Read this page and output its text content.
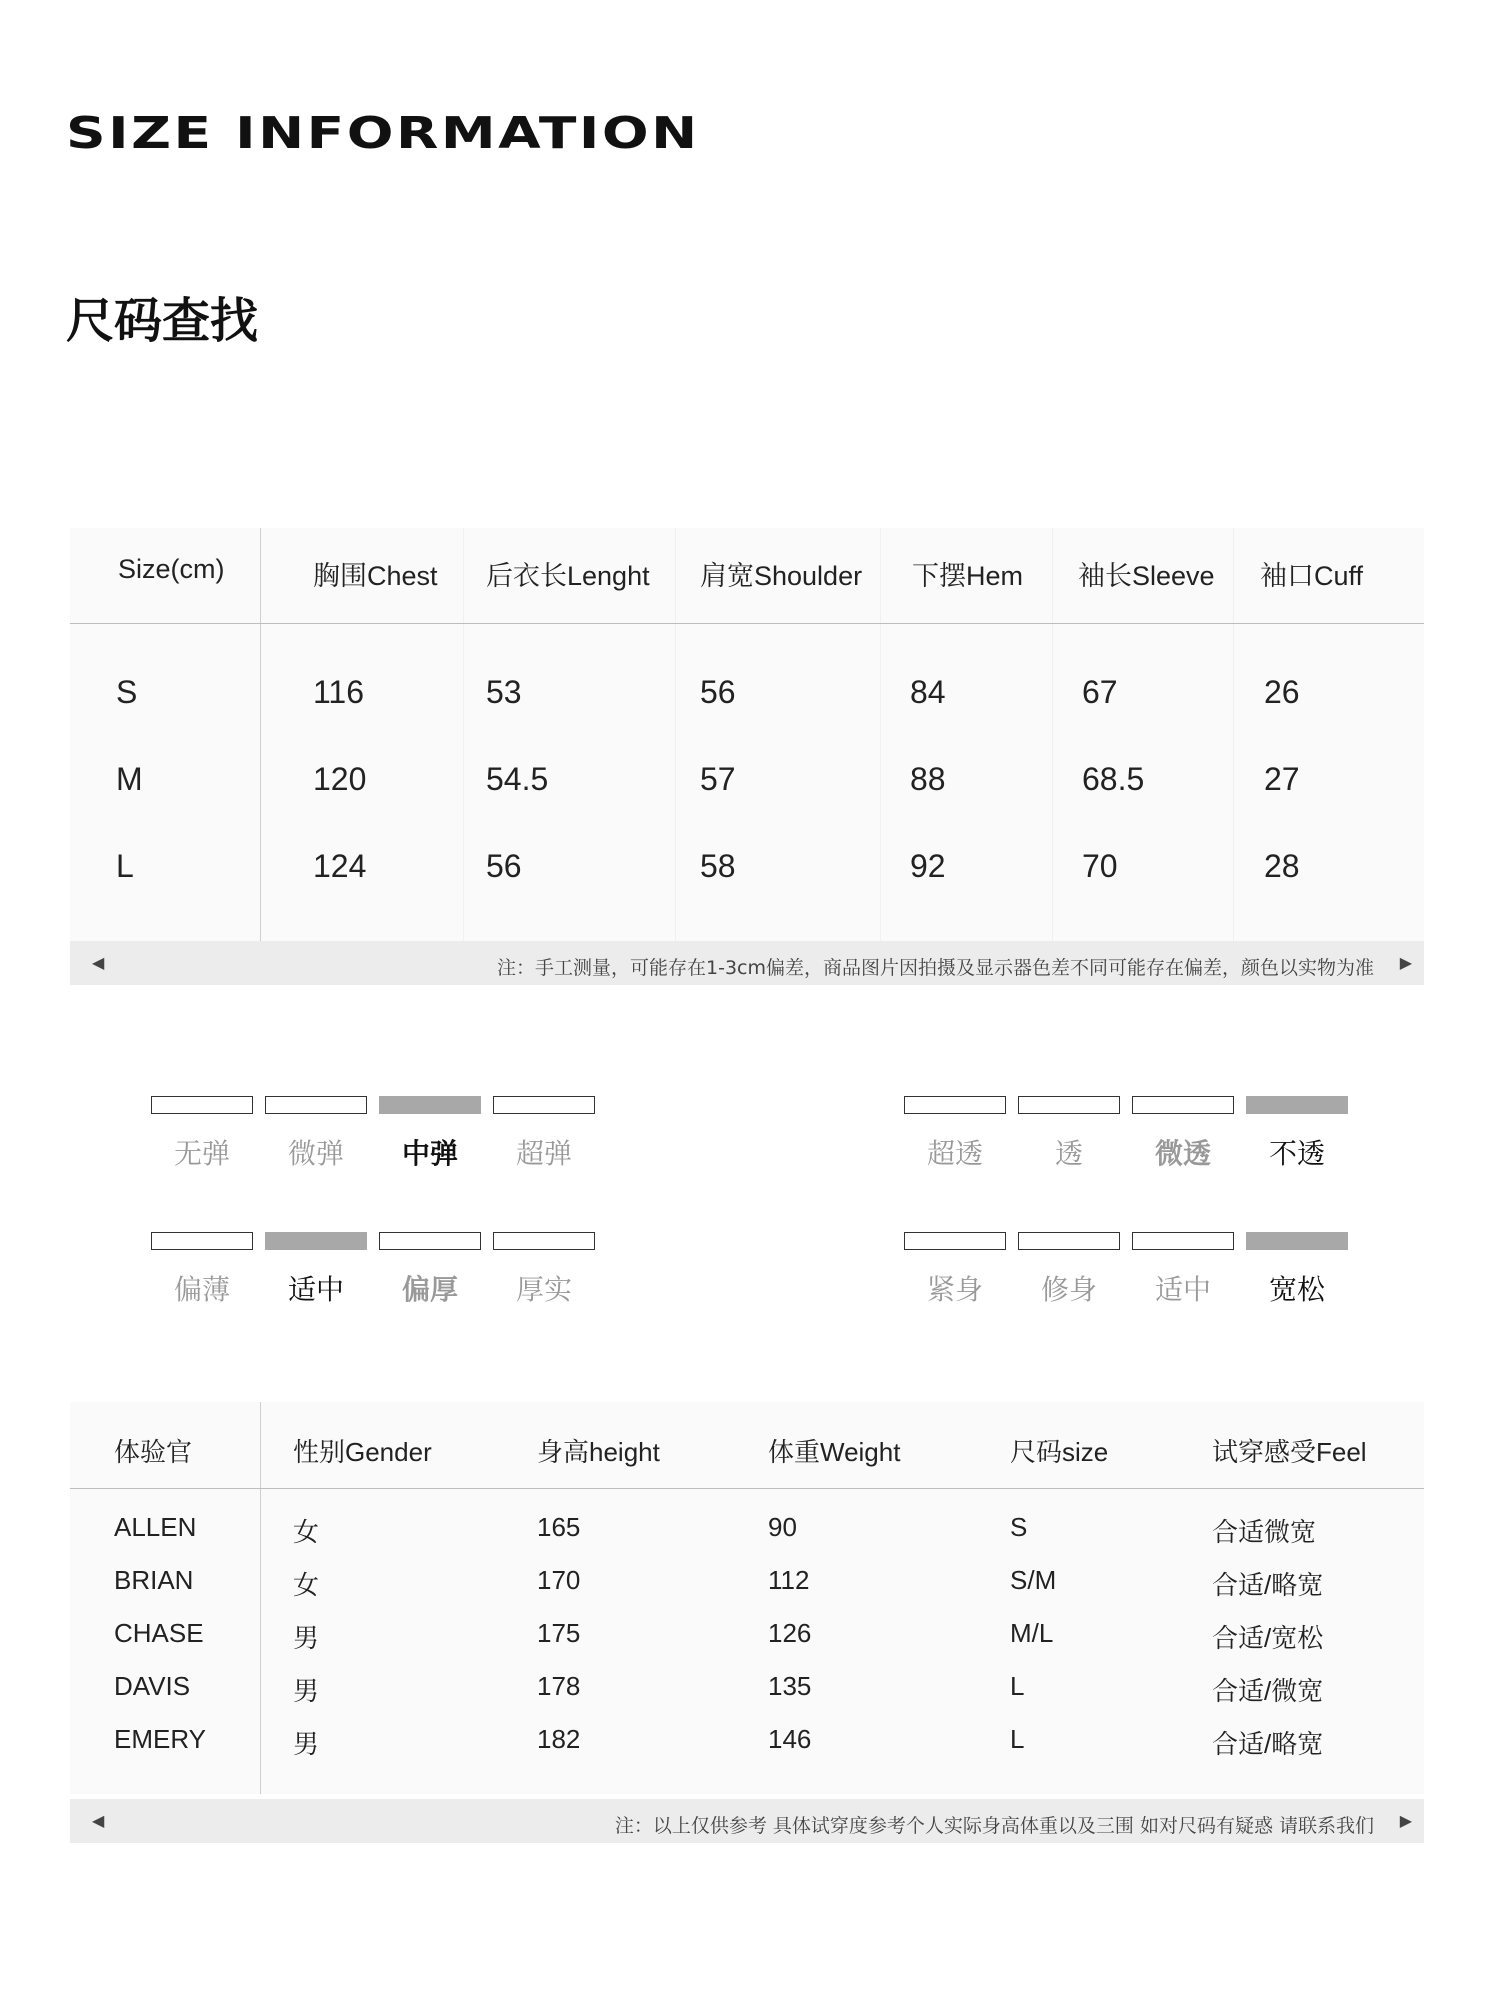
SIZE INFORMATION
尺码查找
Size(cm)	胸围Chest 后衣长Lenght 肩宽Shoulder 下摆Hem 袖长Sleeve 袖口Cuff
S	116	53	56	84	67	26
M	120	54.5	57	88	68.5	27
L	124	56	58	92	70	28
◀	注：手工测量，可能存在1-3cm偏差，商品图片因拍摄及显示器色差不同可能存在偏差，颜色以实物为准 ▶
无弹	微弹	中弹	超弹	超透	透	微透	不透
偏薄	适中	偏厚	厚实	紧身	修身	适中	宽松
体验官	性别Gender	身高height	体重Weight	尺码size	试穿感受Feel
ALLEN	女	165	90	S	合适微宽
BRIAN	女	170	112	S/M	合适/略宽
CHASE	男	175	126	M/L	合适/宽松
DAVIS	男	178	135	L	合适/微宽
EMERY	男	182	146	L	合适/略宽
◀	注：以上仅供参考 具体试穿度参考个人实际身高体重以及三围 如对尺码有疑惑 请联系我们 ▶
